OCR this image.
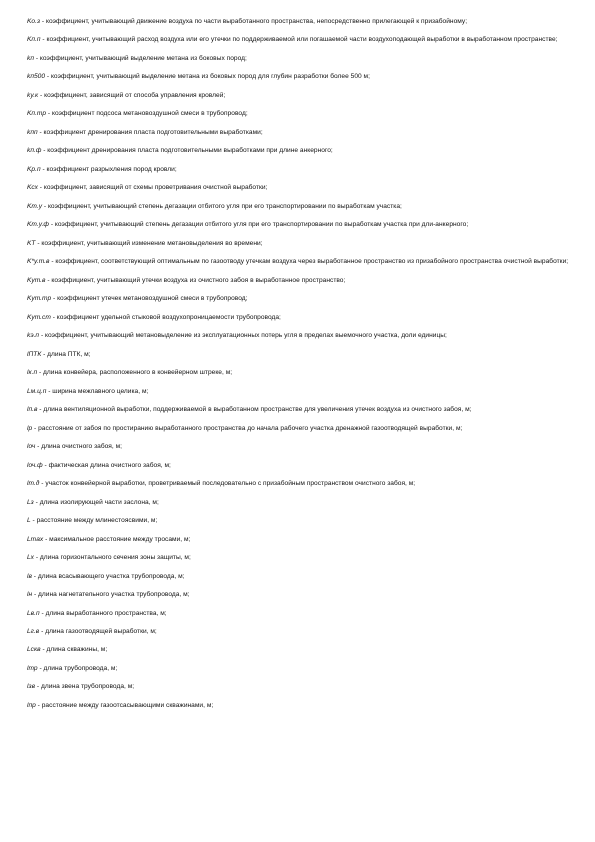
Kо.з - коэффициент, учитывающий движение воздуха по части выработанного пространства, непосредственно прилегающей к призабойному;
Kп.п - коэффициент, учитывающий расход воздуха или его утечки по поддерживаемой или погашаемой части воздухоподающей выработки в выработанном пространстве;
kп - коэффициент, учитывающий выделение метана из боковых пород;
kп500 - коэффициент, учитывающий выделение метана из боковых пород для глубин разработки более 500 м;
kу.к - коэффициент, зависящий от способа управления кровлей;
Kп.тр - коэффициент подсоса метановоздушной смеси в трубопровод;
kпп - коэффициент дренирования пласта подготовительными выработками;
kп.ф - коэффициент дренирования пласта подготовительными выработками при длине анкерного;
Kр.п - коэффициент разрыхления пород кровли;
Kсх - коэффициент, зависящий от схемы проветривания очистной выработки;
Kт.у - коэффициент, учитывающий степень дегазации отбитого угля при его транспортировании по выработкам участка;
Kт.у.ф - коэффициент, учитывающий степень дегазации отбитого угля при его транспортировании по выработкам участка при дли-анкерного;
KT - коэффициент, учитывающий изменение метановыделения во времени;
K*у.т.в - коэффициент, соответствующий оптимальным по газоотводу утечкам воздуха через выработанное пространство из призабойного пространства очистной выработки;
Kут.в - коэффициент, учитывающий утечки воздуха из очистного забоя в выработанное пространство;
Kут.тр - коэффициент утечек метановоздушной смеси в трубопровод;
Kут.ст - коэффициент удельной стыковой воздухопроницаемости трубопровода;
kэ.п - коэффициент, учитывающий метановыделение из эксплуатационных потерь угля в пределах выемочного участка, доли единицы;
lПТК - длина ПТК, м;
lк.п - длина конвейера, расположенного в конвейерном штреке, м;
Lм.ц.п - ширина межлавного целика, м;
lп.в - длина вентиляционной выработки, поддерживаемой в выработанном пространстве для увеличения утечек воздуха из очистного забоя, м;
lр - расстояние от забоя по простиранию выработанного пространства до начала рабочего участка дренажной газоотводящей выработки, м;
lоч - длина очистного забоя, м;
lоч.ф - фактическая длина очистного забоя, м;
lт.д - участок конвейерной выработки, проветриваемый последовательно с призабойным пространством очистного забоя, м;
Lз - длина изолирующей части заслона, м;
L - расстояние между млинестоясвими, м;
Lmax - максимальное расстояние между тросами, м;
Lх - длина горизонтального сечения зоны защиты, м;
lв - длина всасывающего участка трубопровода, м;
lн - длина нагнетательного участка трубопровода, м;
Lв.п - длина выработанного пространства, м;
Lг.в - длина газоотводящей выработки, м;
Lскв - длина скважины, м;
lтр - длина трубопровода, м;
lзв - длина звена трубопровода, м;
lпр - расстояние между газоотсасывающими скважинами, м;
